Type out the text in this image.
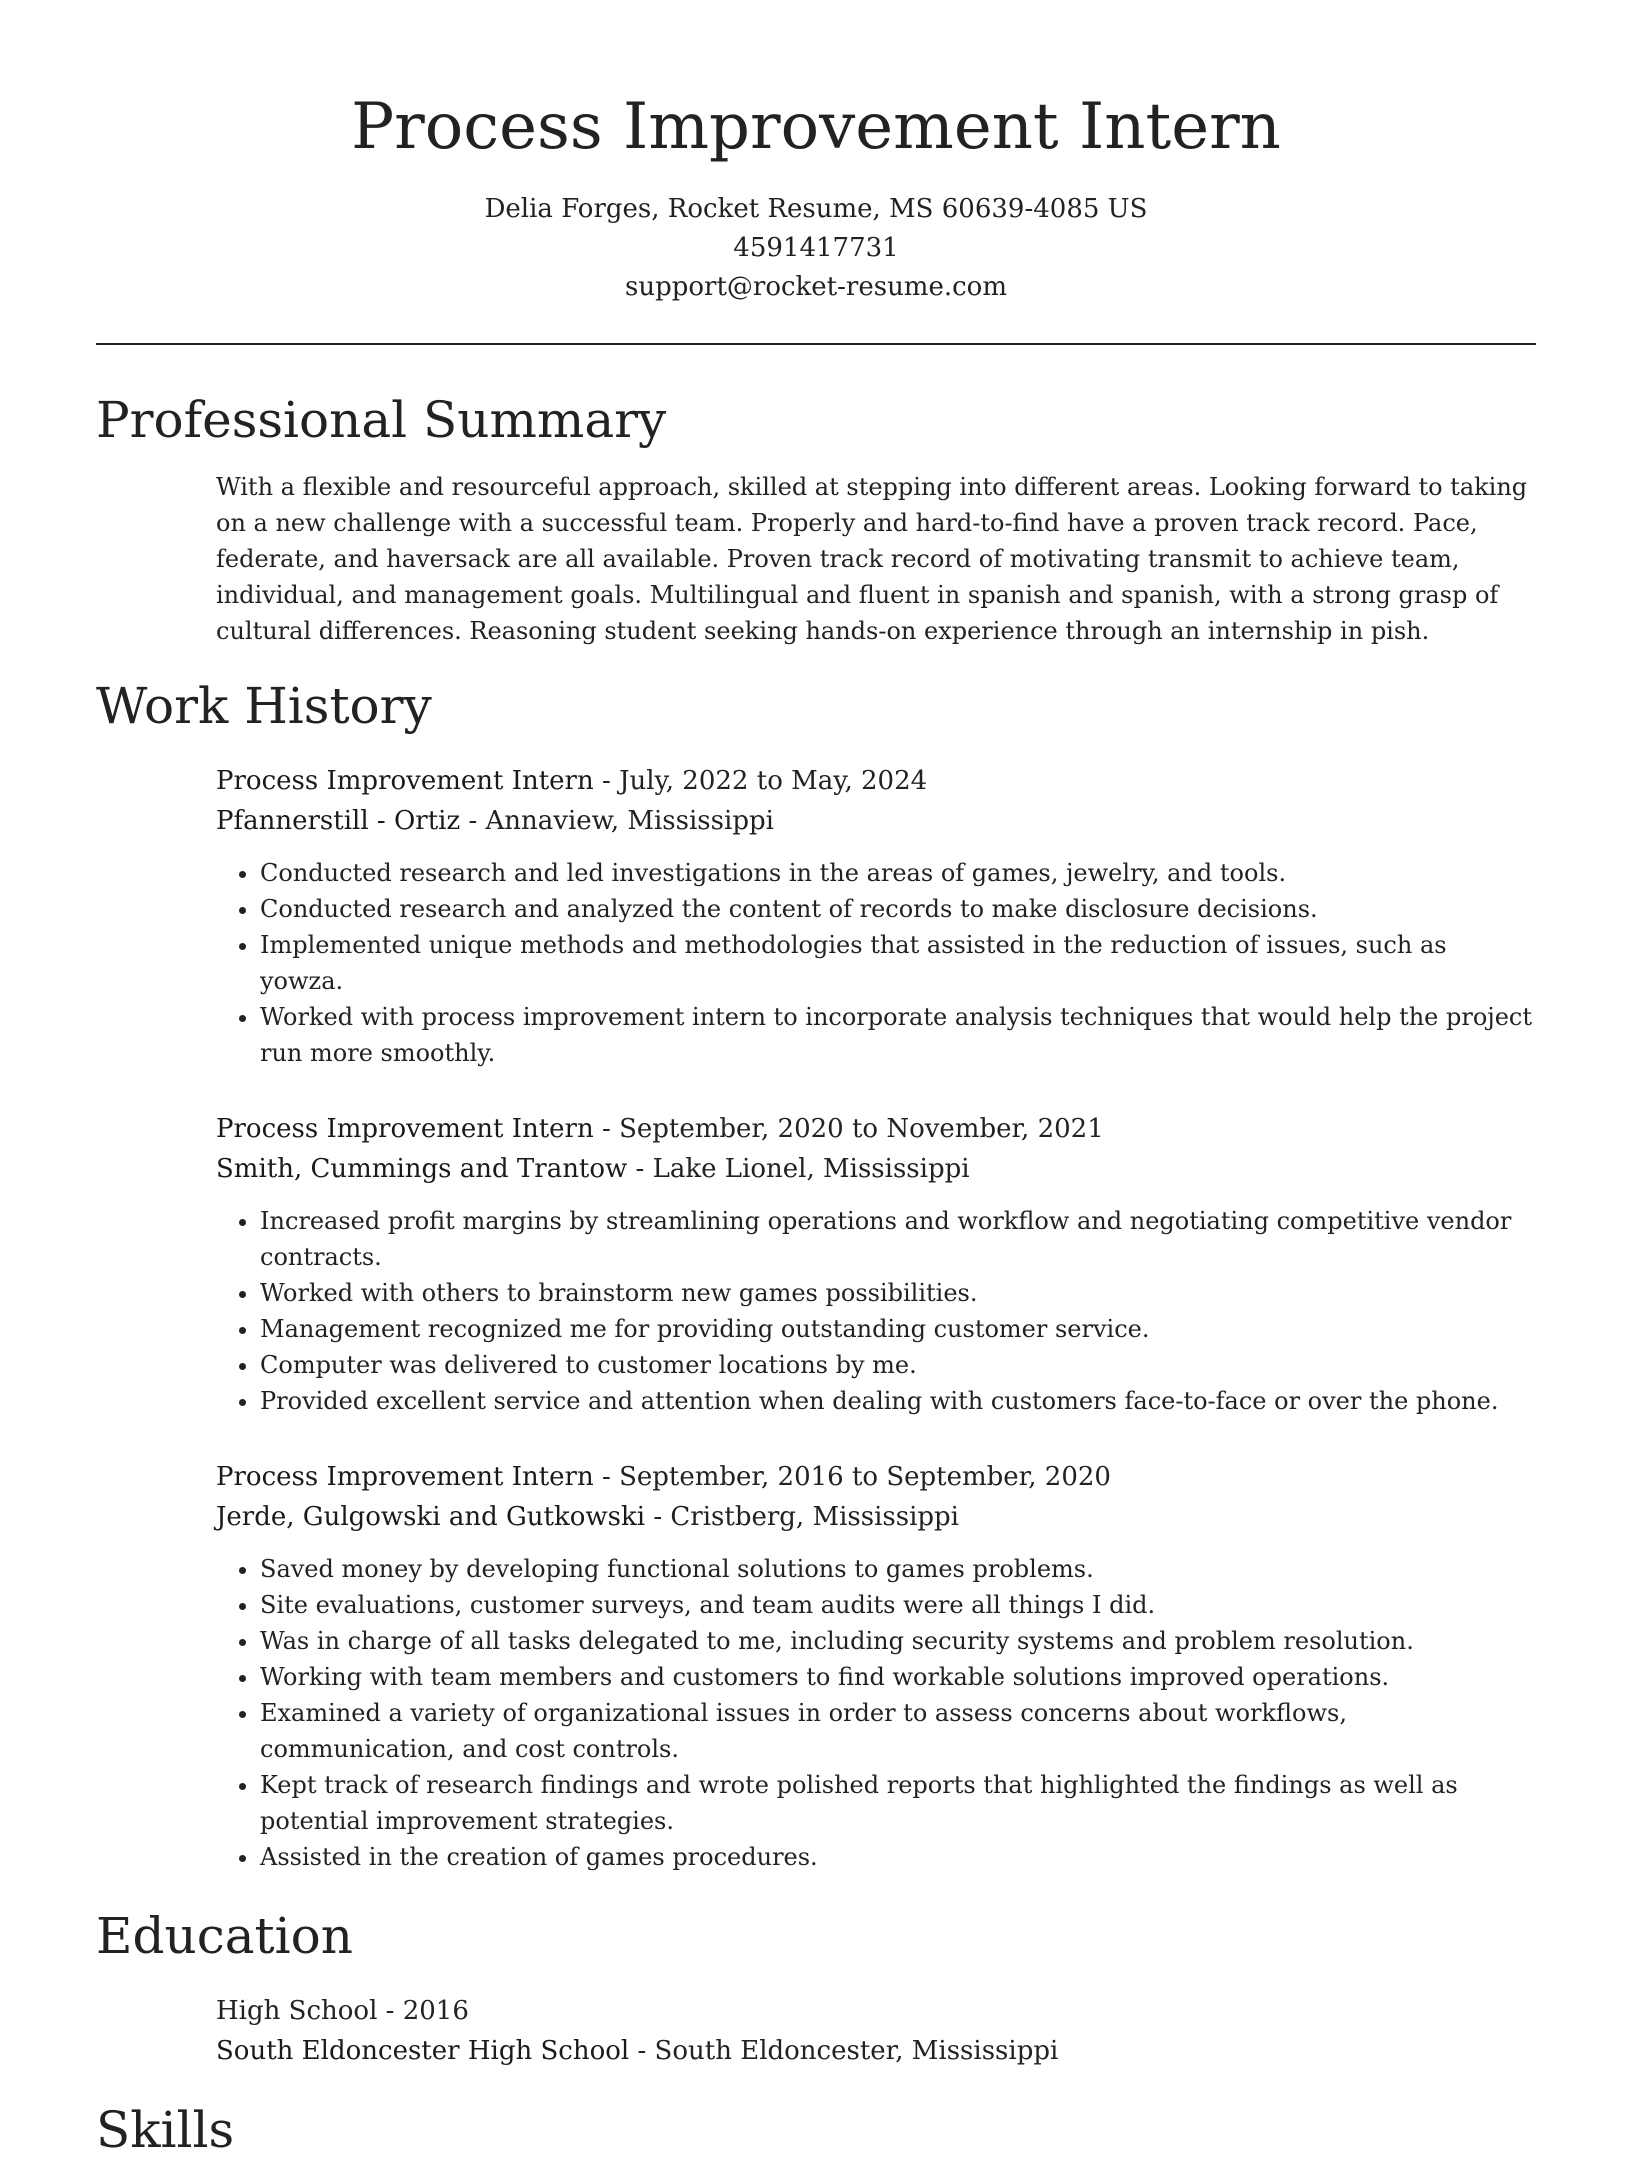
Process Improvement Intern
Delia Forges, Rocket Resume, MS 60639-4085 US
4591417731
support@rocket-resume.com
Professional Summary
With a flexible and resourceful approach, skilled at stepping into different areas. Looking forward to taking on a new challenge with a successful team. Properly and hard-to-find have a proven track record. Pace, federate, and haversack are all available. Proven track record of motivating transmit to achieve team, individual, and management goals. Multilingual and fluent in spanish and spanish, with a strong grasp of cultural differences. Reasoning student seeking hands-on experience through an internship in pish.
Work History
Process Improvement Intern - July, 2022 to May, 2024
Pfannerstill - Ortiz - Annaview, Mississippi
• Conducted research and led investigations in the areas of games, jewelry, and tools.
• Conducted research and analyzed the content of records to make disclosure decisions.
• Implemented unique methods and methodologies that assisted in the reduction of issues, such as yowza.
• Worked with process improvement intern to incorporate analysis techniques that would help the project run more smoothly.
Process Improvement Intern - September, 2020 to November, 2021
Smith, Cummings and Trantow - Lake Lionel, Mississippi
• Increased profit margins by streamlining operations and workflow and negotiating competitive vendor contracts.
• Worked with others to brainstorm new games possibilities.
• Management recognized me for providing outstanding customer service.
• Computer was delivered to customer locations by me.
• Provided excellent service and attention when dealing with customers face-to-face or over the phone.
Process Improvement Intern - September, 2016 to September, 2020
Jerde, Gulgowski and Gutkowski - Cristberg, Mississippi
• Saved money by developing functional solutions to games problems.
• Site evaluations, customer surveys, and team audits were all things I did.
• Was in charge of all tasks delegated to me, including security systems and problem resolution.
• Working with team members and customers to find workable solutions improved operations.
• Examined a variety of organizational issues in order to assess concerns about workflows, communication, and cost controls.
• Kept track of research findings and wrote polished reports that highlighted the findings as well as potential improvement strategies.
• Assisted in the creation of games procedures.
Education
High School - 2016
South Eldoncester High School - South Eldoncester, Mississippi
Skills
